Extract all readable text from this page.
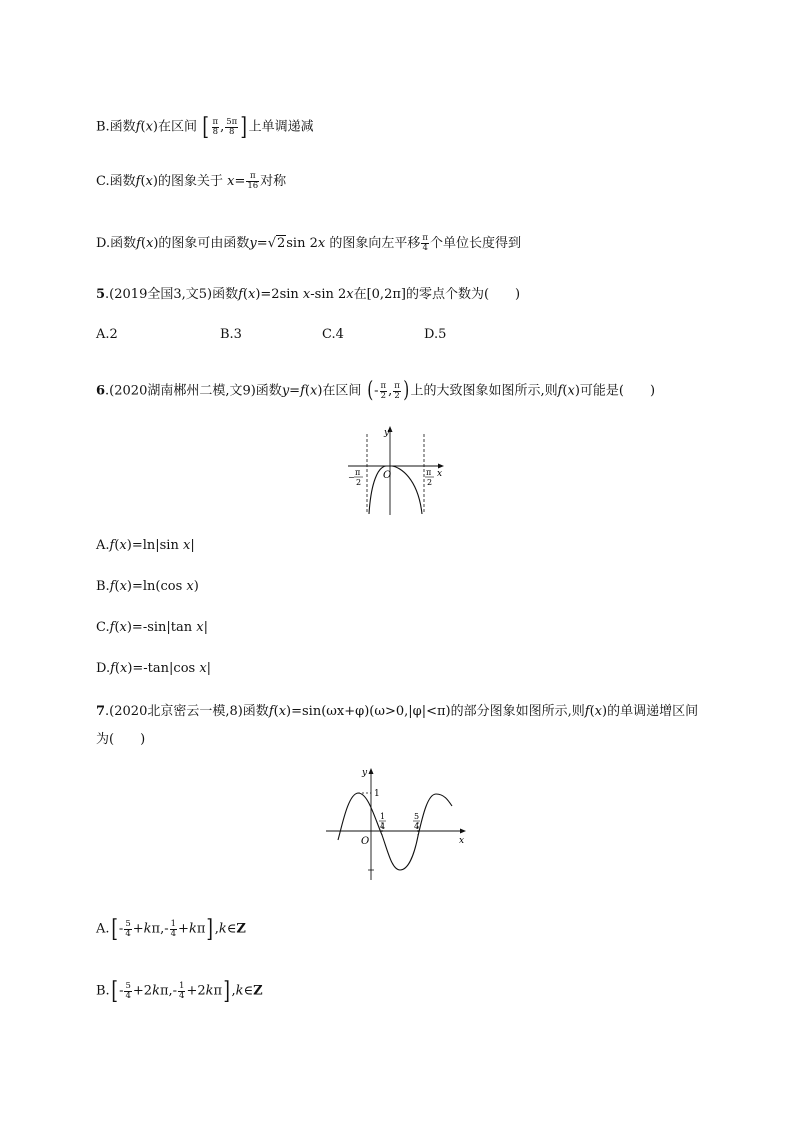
B.函数f(x)在区间 [ $\frac{\pi}{8}$ , $\frac{5\pi}{8}$ ]上单调递减
C.函数f(x)的图象关于 $x= \frac{\pi}{16}$ 对称
D.函数f(x)的图象可由函数y=√2sin 2x 的图象向左平移 $\frac{\pi}{4}$ 个单位长度得到
5.(2019全国3,文5)函数f(x)=2sin x-sin 2x在[0,2π]的零点个数为(　　)
A.2	B.3	C.4	D.5
6.(2020湖南郴州二模,文9)函数y=f(x)在区间 (- $\frac{\pi}{2}$ , $\frac{\pi}{2}$ )上的大致图象如图所示,则f(x)可能是(　　)
y
x
O
−
π
2
π
2
A.f(x)=ln|sin x|
B.f(x)=ln(cos x)
C.f(x)=-sin|tan x|
D.f(x)=-tan|cos x|
7.(2020北京密云一模,8)函数f(x)=sin(ωx+φ)(ω>0,|φ|<π)的部分图象如图所示,则f(x)的单调递增区间
为(　　)
y
x
O
1
1
4
5
4
$A.[- \frac{5}{4} +k\pi,- \frac{1}{4}$ +kπ],k∈Z
$B.[- \frac{5}{4} +2k\pi,- \frac{1}{4}$ +2kπ],k∈Z
